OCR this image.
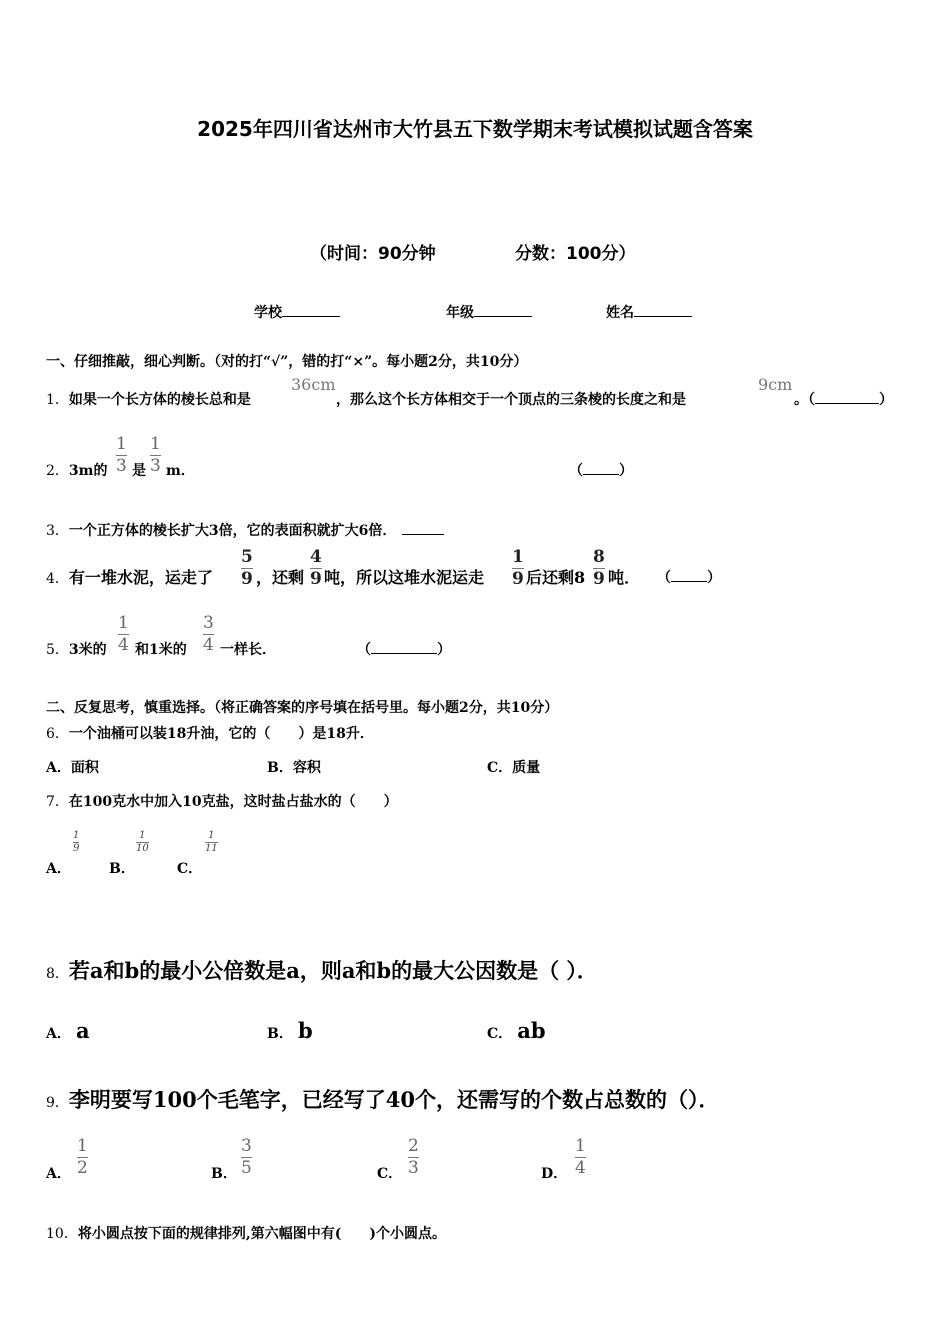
2025年四川省达州市大竹县五下数学期末考试模拟试题含答案
（时间：90分钟	分数：100分）
学校	年级	姓名
一、仔细推敲，细心判断。（对的打“√”，错的打“×”。每小题2分，共10分）
1．如果一个长方体的棱长总和是
36cm
，那么这个长方体相交于一个顶点的三条棱的长度之和是
9cm
。（	）
2．3m的
1
3 是
1
3 m．	（	）
3．一个正方体的棱长扩大3倍，它的表面积就扩大6倍．
4．有一堆水泥，运走了
5
9 ，还剩
4
9 吨，所以这堆水泥运走
1
9 后还剩8
8
9 吨． （	）
5．3米的
1
4 和1米的
3
4 一样长．	（	）
二、反复思考，慎重选择。（将正确答案的序号填在括号里。每小题2分，共10分）
6．一个油桶可以装18升油，它的（　　）是18升．
A．面积	B．容积	C．质量
7．在100克水中加入10克盐，这时盐占盐水的（　　）
A．
1
9
B．
1
10
C．
1
11
8．若a和b的最小公倍数是a，则a和b的最大公因数是（ ）．
A． a	B． b	C． ab
9．李明要写100个毛笔字，已经写了40个，还需写的个数占总数的（）．
A．
1
2	B．
3
5	C．
2
3	D．
1
4
10．将小圆点按下面的规律排列,第六幅图中有(　　)个小圆点。
